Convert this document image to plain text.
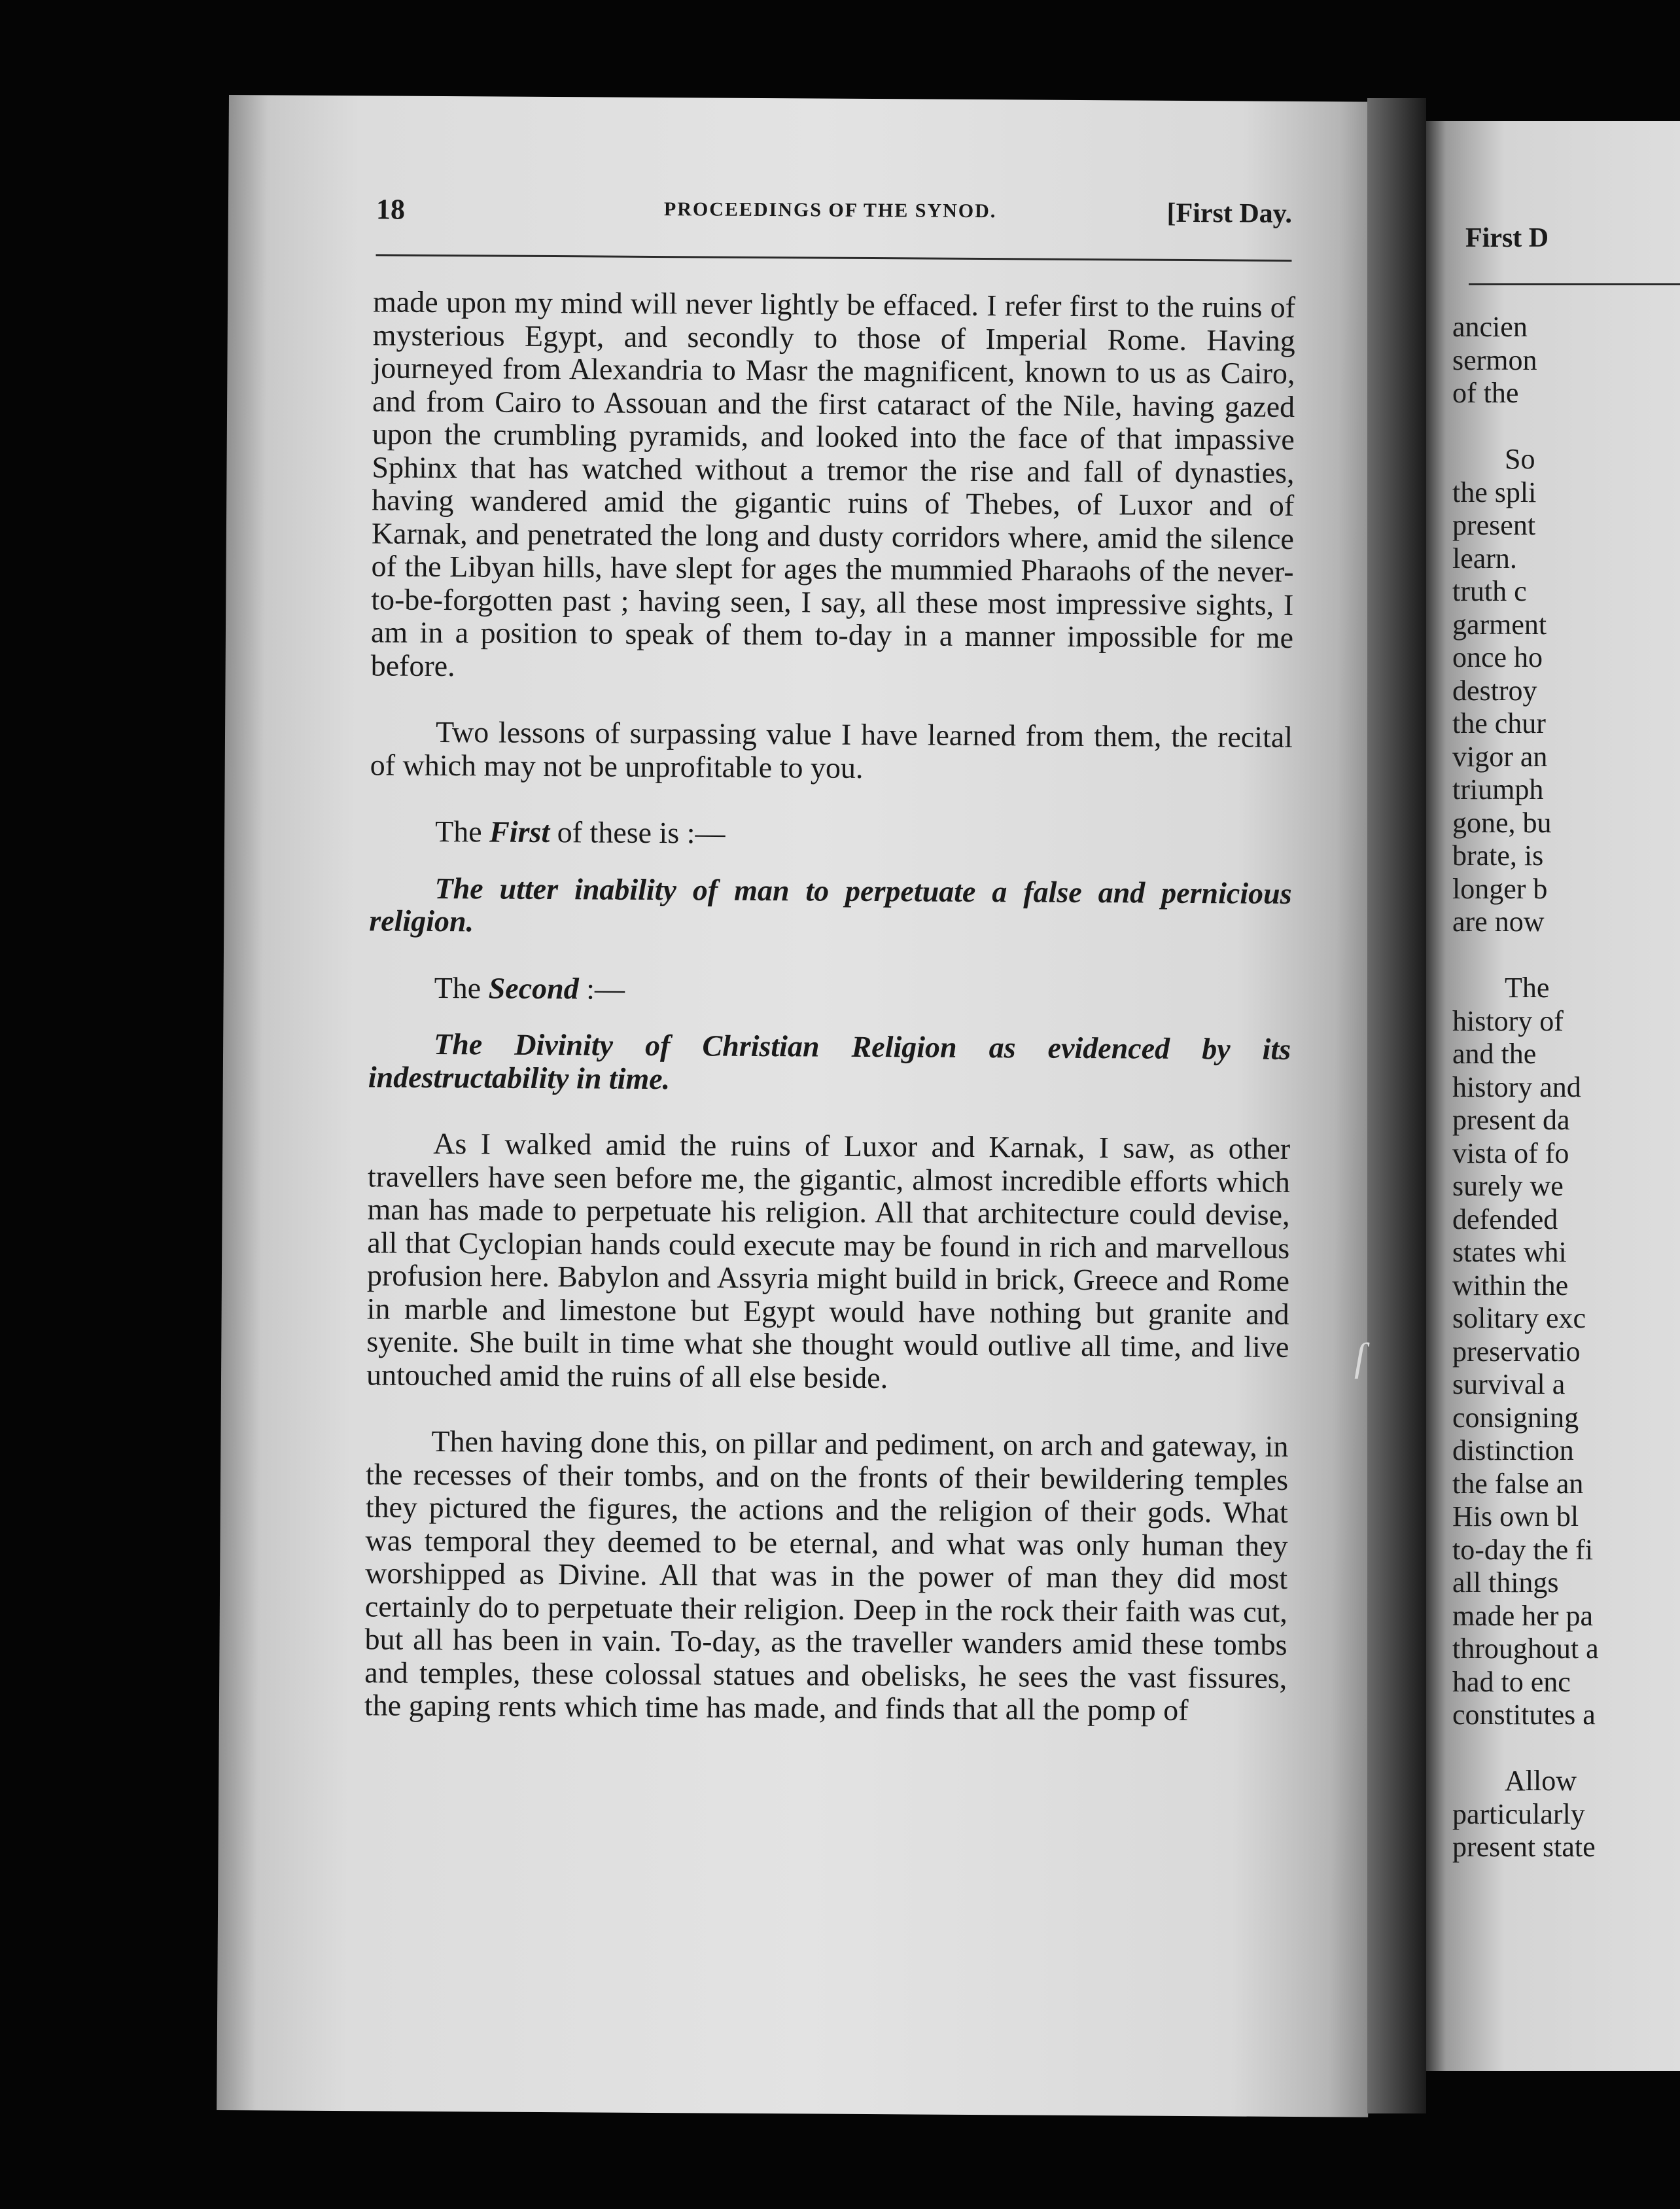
18	PROCEEDINGS OF THE SYNOD.	[First Day.

made upon my mind will never lightly be effaced. I refer first to the ruins of mysterious Egypt, and secondly to those of Imperial Rome. Having journeyed from Alexandria to Masr the magnificent, known to us as Cairo, and from Cairo to Assouan and the first cataract of the Nile, having gazed upon the crumbling pyramids, and looked into the face of that impassive Sphinx that has watched without a tremor the rise and fall of dynasties, having wandered amid the gigantic ruins of Thebes, of Luxor and of Karnak, and penetrated the long and dusty corridors where, amid the silence of the Libyan hills, have slept for ages the mummied Pharaohs of the never-to-be-forgotten past ; having seen, I say, all these most impressive sights, I am in a position to speak of them to-day in a manner impossible for me before.

Two lessons of surpassing value I have learned from them, the recital of which may not be unprofitable to you.

The First of these is :—

The utter inability of man to perpetuate a false and pernicious religion.

The Second :—

The Divinity of Christian Religion as evidenced by its indestructability in time.

As I walked amid the ruins of Luxor and Karnak, I saw, as other travellers have seen before me, the gigantic, almost incredible efforts which man has made to perpetuate his religion. All that architecture could devise, all that Cyclopian hands could execute may be found in rich and marvellous profusion here. Babylon and Assyria might build in brick, Greece and Rome in marble and limestone but Egypt would have nothing but granite and syenite. She built in time what she thought would outlive all time, and live untouched amid the ruins of all else beside.

Then having done this, on pillar and pediment, on arch and gateway, in the recesses of their tombs, and on the fronts of their bewildering temples they pictured the figures, the actions and the religion of their gods. What was temporal they deemed to be eternal, and what was only human they worshipped as Divine. All that was in the power of man they did most certainly do to perpetuate their religion. Deep in the rock their faith was cut, but all has been in vain. To-day, as the traveller wanders amid these tombs and temples, these colossal statues and obelisks, he sees the vast fissures, the gaping rents which time has made, and finds that all the pomp of

First D
ancien
sermon
of the
So
the spli
present
learn.
truth c
garment
once ho
destroy
the chur
vigor an
triumph
gone, bu
brate, is
longer b
are now
The
history of
and the
history and
present da
vista of fo
surely we
defended
states whi
within the
solitary exc
preservatio
survival a
consigning
distinction
the false an
His own bl
to-day the fi
all things
made her pa
throughout a
had to enc
constitutes a
Allow
particularly
present state
ſ
